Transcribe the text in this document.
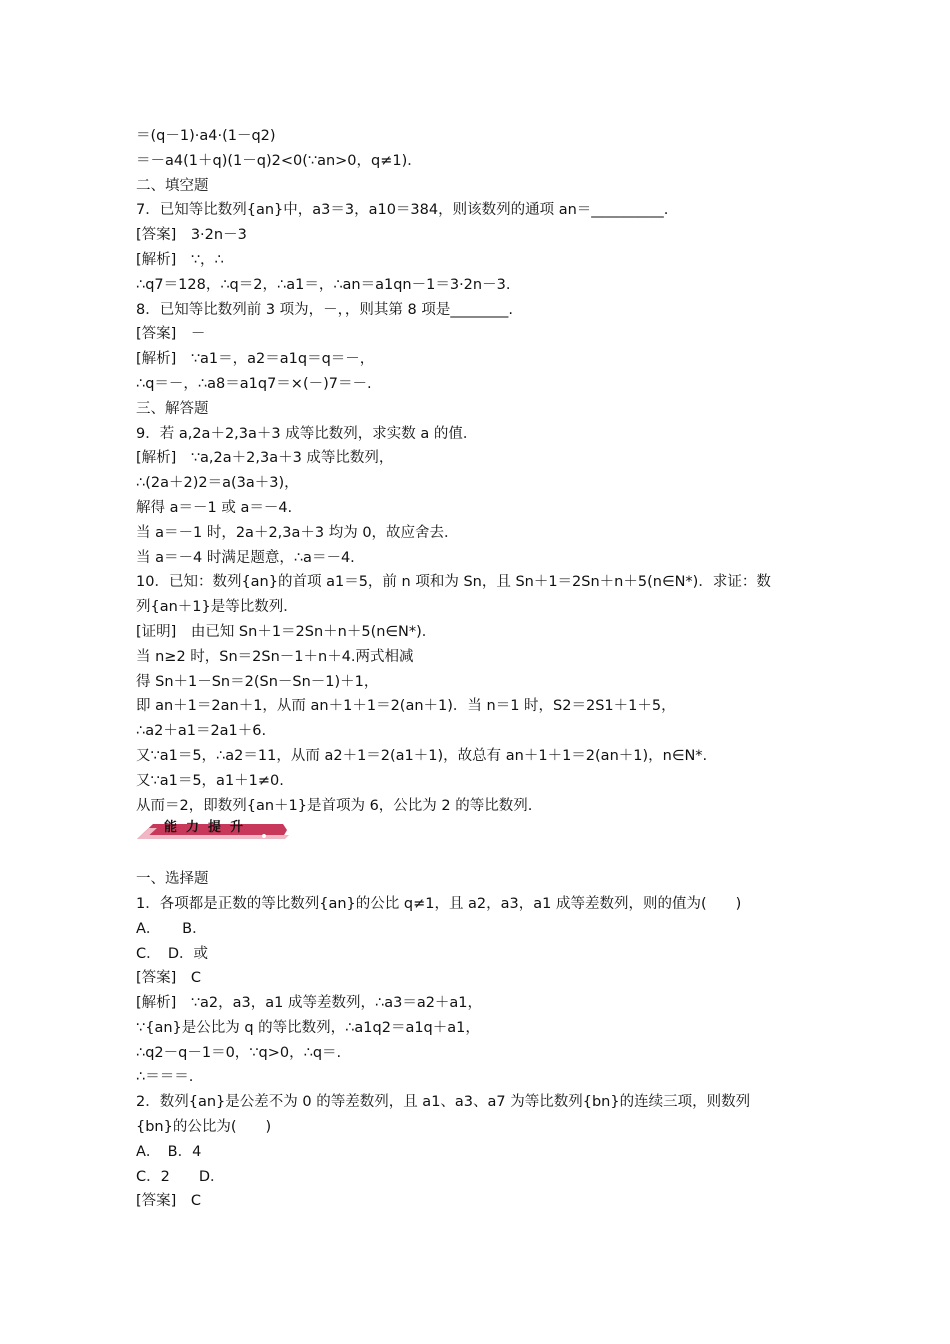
＝(q－1)·a4·(1－q2)

＝－a4(1＋q)(1－q)2<0(∵an>0，q≠1)．

二、填空题

7．已知等比数列{an}中，a3＝3，a10＝384，则该数列的通项 an＝__________.

[答案]　3·2n－3

[解析]　∵，∴

∴q7＝128，∴q＝2，∴a1＝，∴an＝a1qn－1＝3·2n－3.

8．已知等比数列前 3 项为，－，，则其第 8 项是________.

[答案]　－

[解析]　∵a1＝，a2＝a1q＝q＝－，

∴q＝－，∴a8＝a1q7＝×(－)7＝－.

三、解答题

9．若 a,2a＋2,3a＋3 成等比数列，求实数 a 的值．

[解析]　∵a,2a＋2,3a＋3 成等比数列，

∴(2a＋2)2＝a(3a＋3)，

解得 a＝－1 或 a＝－4.

当 a＝－1 时，2a＋2,3a＋3 均为 0，故应舍去．

当 a＝－4 时满足题意，∴a＝－4.

10．已知：数列{an}的首项 a1＝5，前 n 项和为 Sn，且 Sn＋1＝2Sn＋n＋5(n∈N*)．求证：数

列{an＋1}是等比数列．

[证明]　由已知 Sn＋1＝2Sn＋n＋5(n∈N*)．

当 n≥2 时，Sn＝2Sn－1＋n＋4.两式相减

得 Sn＋1－Sn＝2(Sn－Sn－1)＋1，

即 an＋1＝2an＋1，从而 an＋1＋1＝2(an＋1)．当 n＝1 时，S2＝2S1＋1＋5，

∴a2＋a1＝2a1＋6.

又∵a1＝5，∴a2＝11，从而 a2＋1＝2(a1＋1)，故总有 an＋1＋1＝2(an＋1)，n∈N*.

又∵a1＝5，a1＋1≠0.

从而＝2，即数列{an＋1}是首项为 6，公比为 2 的等比数列.

能力提升

一、选择题

1．各项都是正数的等比数列{an}的公比 q≠1，且 a2，a3，a1 成等差数列，则的值为(　　)

A．　　B．

C．　D．或

[答案]　C

[解析]　∵a2，a3，a1 成等差数列，∴a3＝a2＋a1，

∵{an}是公比为 q 的等比数列，∴a1q2＝a1q＋a1，

∴q2－q－1＝0，∵q>0，∴q＝.

∴＝＝＝.

2．数列{an}是公差不为 0 的等差数列，且 a1、a3、a7 为等比数列{bn}的连续三项，则数列

{bn}的公比为(　　)

A．　B．4

C．2　　D．

[答案]　C
